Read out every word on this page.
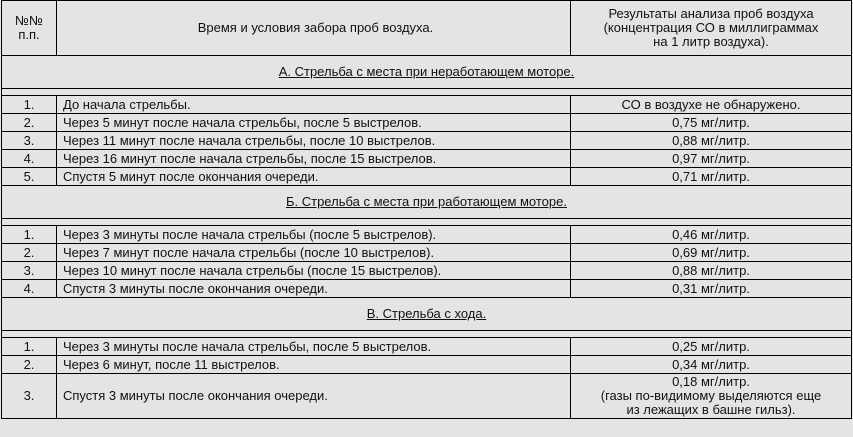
№№
п.п.	Время и условия забора проб воздуха.	Результаты анализа проб воздуха
(концентрация СО в миллиграммах
на 1 литр воздуха).
А. Стрельба с места при неработающем моторе.		

1.	До начала стрельбы.	СО в воздухе не обнаружено.
2.	Через 5 минут после начала стрельбы, после 5 выстрелов.	0,75 мг/литр.
3.	Через 11 минут после начала стрельбы, после 10 выстрелов.	0,88 мг/литр.
4.	Через 16 минут после начала стрельбы, после 15 выстрелов.	0,97 мг/литр.
5.	Спустя 5 минут после окончания очереди.	0,71 мг/литр.
Б. Стрельба с места при работающем моторе.		

1.	Через 3 минуты после начала стрельбы (после 5 выстрелов).	0,46 мг/литр.
2.	Через 7 минут после начала стрельбы (после 10 выстрелов).	0,69 мг/литр.
3.	Через 10 минут после начала стрельбы (после 15 выстрелов).	0,88 мг/литр.
4.	Спустя 3 минуты после окончания очереди.	0,31 мг/литр.
В. Стрельба с хода.		

1.	Через 3 минуты после начала стрельбы, после 5 выстрелов.	0,25 мг/литр.
2.	Через 6 минут, после 11 выстрелов.	0,34 мг/литр.
3.	Спустя 3 минуты после окончания очереди.	0,18 мг/литр.
(газы по-видимому выделяются еще
из лежащих в башне гильз).
